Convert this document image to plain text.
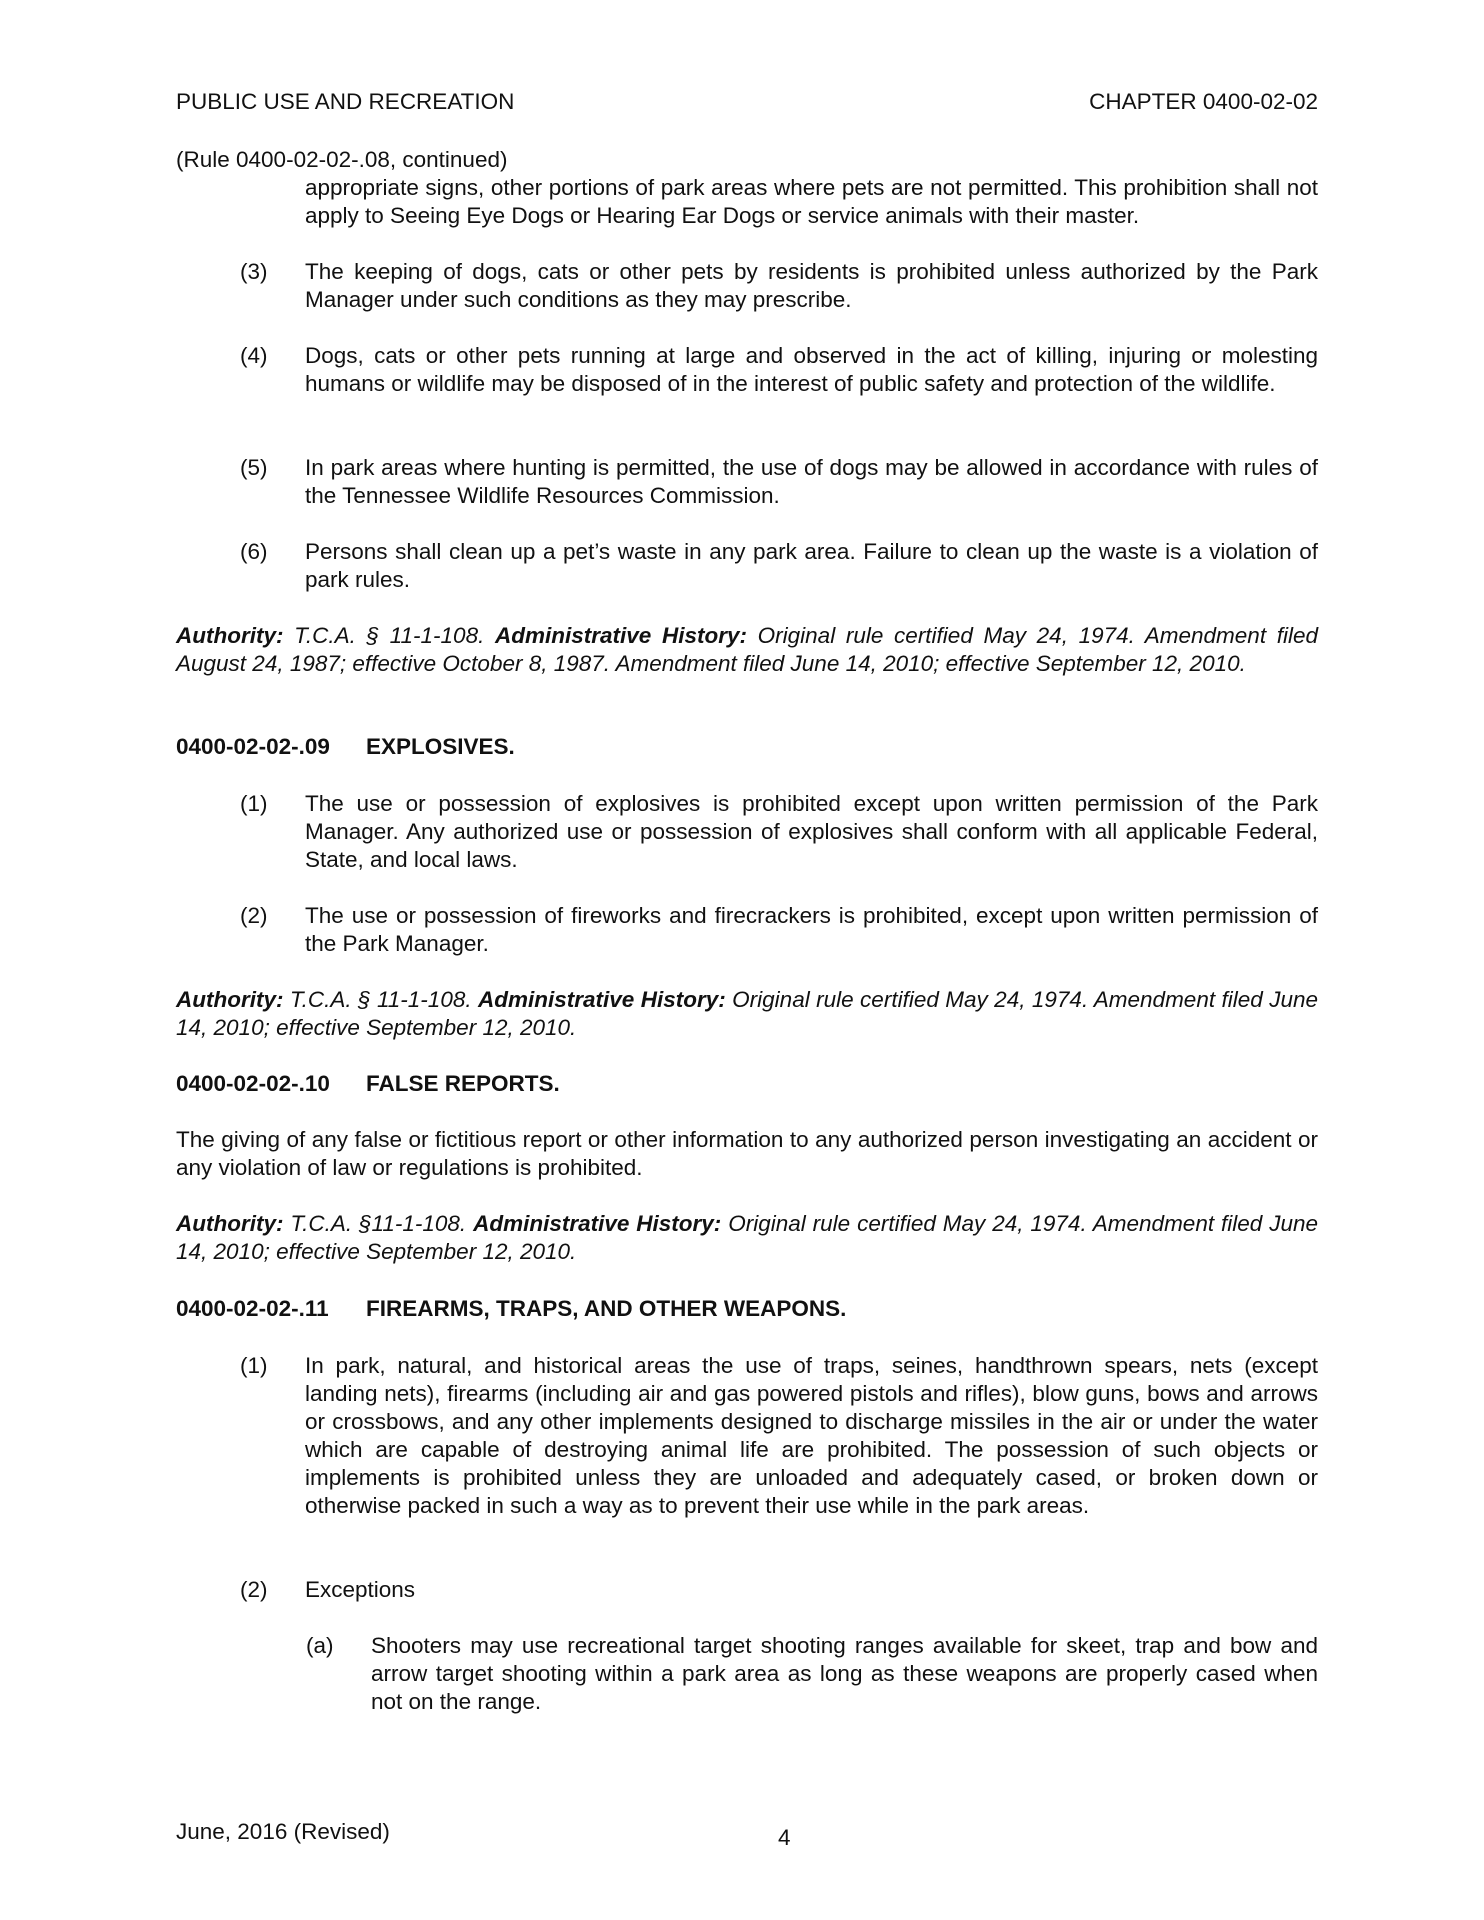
PUBLIC USE AND RECREATION	CHAPTER 0400-02-02
(Rule 0400-02-02-.08, continued)
appropriate signs, other portions of park areas where pets are not permitted. This prohibition shall not apply to Seeing Eye Dogs or Hearing Ear Dogs or service animals with their master.
(3) The keeping of dogs, cats or other pets by residents is prohibited unless authorized by the Park Manager under such conditions as they may prescribe.
(4) Dogs, cats or other pets running at large and observed in the act of killing, injuring or molesting humans or wildlife may be disposed of in the interest of public safety and protection of the wildlife.
(5) In park areas where hunting is permitted, the use of dogs may be allowed in accordance with rules of the Tennessee Wildlife Resources Commission.
(6) Persons shall clean up a pet’s waste in any park area. Failure to clean up the waste is a violation of park rules.
Authority: T.C.A. § 11-1-108. Administrative History: Original rule certified May 24, 1974. Amendment filed August 24, 1987; effective October 8, 1987. Amendment filed June 14, 2010; effective September 12, 2010.
0400-02-02-.09 EXPLOSIVES.
(1) The use or possession of explosives is prohibited except upon written permission of the Park Manager. Any authorized use or possession of explosives shall conform with all applicable Federal, State, and local laws.
(2) The use or possession of fireworks and firecrackers is prohibited, except upon written permission of the Park Manager.
Authority: T.C.A. § 11-1-108. Administrative History: Original rule certified May 24, 1974. Amendment filed June 14, 2010; effective September 12, 2010.
0400-02-02-.10 FALSE REPORTS.
The giving of any false or fictitious report or other information to any authorized person investigating an accident or any violation of law or regulations is prohibited.
Authority: T.C.A. §11-1-108. Administrative History: Original rule certified May 24, 1974. Amendment filed June 14, 2010; effective September 12, 2010.
0400-02-02-.11 FIREARMS, TRAPS, AND OTHER WEAPONS.
(1) In park, natural, and historical areas the use of traps, seines, handthrown spears, nets (except landing nets), firearms (including air and gas powered pistols and rifles), blow guns, bows and arrows or crossbows, and any other implements designed to discharge missiles in the air or under the water which are capable of destroying animal life are prohibited. The possession of such objects or implements is prohibited unless they are unloaded and adequately cased, or broken down or otherwise packed in such a way as to prevent their use while in the park areas.
(2) Exceptions
(a) Shooters may use recreational target shooting ranges available for skeet, trap and bow and arrow target shooting within a park area as long as these weapons are properly cased when not on the range.
June, 2016 (Revised)	4
